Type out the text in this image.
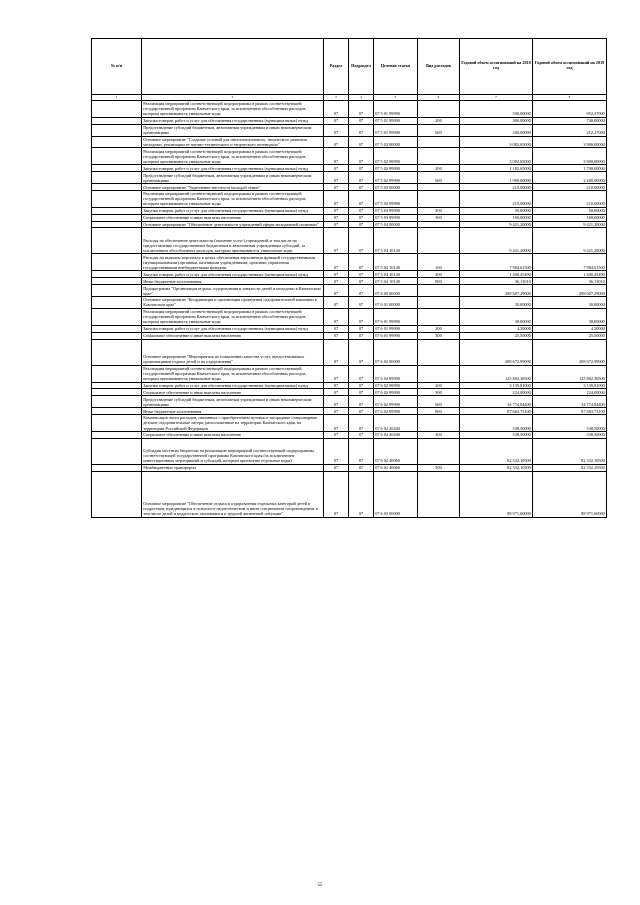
№ п/п		Раздел	Подраздел	Целевая статья	Вид расходов	Годовой объем ассигнований на 2018 год	Годовой объем ассигнований на 2019 год
1	2	3	4	5	6	7	8
	Реализация мероприятий соответствующей подпрограммы в рамках соответствующей государственной программы Камчатского края, за исключением обособленных расходов, которым присваиваются уникальные коды	07	07	07 5 01 99990		500,00000	952,27000
	Закупка товаров, работ и услуг для обеспечения государственных (муниципальных) нужд	07	07	07 5 01 99990	200	300,00000	740,00000
	Предоставление субсидий бюджетным, автономным учреждениям и иным некоммерческим организациям	07	07	07 5 01 99990	600	200,00000	212,27000
	Основное мероприятие "Создание условий для интеллектуального, творческого развития молодежи, реализации ее научно-технического и творческого потенциала"	07	07	07 5 02 00000		3 082,65000	3 900,00000
	Реализация мероприятий соответствующей подпрограммы в рамках соответствующей государственной программы Камчатского края, за исключением обособленных расходов, которым присваиваются уникальные коды	07	07	07 5 02 99990		3 082,65000	3 900,00000
	Закупка товаров, работ и услуг для обеспечения государственных (муниципальных) нужд	07	07	07 5 02 99990	200	1 182,65000	1 700,00000
	Предоставление субсидий бюджетным, автономным учреждениям и иным некоммерческим организациям	07	07	07 5 02 99990	600	1 900,00000	2 200,00000
	Основное мероприятие "Укрепление института молодой семьи"	07	07	07 5 03 00000		210,00000	210,00000
	Реализация мероприятий соответствующей подпрограммы в рамках соответствующей государственной программы Камчатского края, за исключением обособленных расходов, которым присваиваются уникальные коды	07	07	07 5 03 99990		210,00000	210,00000
	Закупка товаров, работ и услуг для обеспечения государственных (муниципальных) нужд	07	07	07 5 03 99990	200	50,00000	50,00000
	Социальное обеспечение и иные выплаты населению	07	07	07 5 03 99990	300	160,00000	160,00000
	Основное мероприятие "Обеспечение деятельности учреждений сферы молодежной политики"	07	07	07 5 04 00000		9 421,20000	9 421,20000
	Расходы на обеспечение деятельности (оказание услуг) учреждений, в том числе на предоставление государственным бюджетным и автономным учреждениям субсидий, за исключением обособленных расходов, которым присваиваются уникальные коды	07	07	07 5 04 10140		9 421,20000	9 421,20000
	Расходы на выплаты персоналу в целях обеспечения выполнения функций государственными (муниципальными) органами, казенными учреждениями, органами управления государственными внебюджетными фондами	07	07	07 5 04 10140	100	7 984,61500	7 984,61500
	Закупка товаров, работ и услуг для обеспечения государственных (муниципальных) нужд	07	07	07 5 04 10140	200	1 400,45490	1 400,45490
	Иные бюджетные ассигнования	07	07	07 5 04 10140	800	36,13010	36,13010
	Подпрограмма "Организация отдыха, оздоровления и занятости детей и молодежи в Камчатском крае"	07	07	07 6 00 00000		298 607,29000	298 607,29000
	Основное мероприятие "Координация и организация проведения оздоровительной кампании в Камчатском крае"	07	07	07 6 01 00000		30,00000	30,00000
	Реализация мероприятий соответствующей подпрограммы в рамках соответствующей государственной программы Камчатского края, за исключением обособленных расходов, которым присваиваются уникальные коды	07	07	07 6 01 99990		30,00000	30,00000
	Закупка товаров, работ и услуг для обеспечения государственных (муниципальных) нужд	07	07	07 6 01 99990	200	4,50000	4,50000
	Социальное обеспечение и иные выплаты населению	07	07	07 6 01 99990	300	25,50000	25,50000
	Основное мероприятие "Мероприятия по повышению качества услуг, предоставляемых организациями отдыха детей и их оздоровления"	07	07	07 6 02 00000		208 672,99000	208 672,99000
	Реализация мероприятий соответствующей подпрограммы в рамках соответствующей государственной программы Камчатского края, за исключением обособленных расходов, которым присваиваются уникальные коды	07	07	07 6 02 99990		125 802,38500	125 802,38500
	Закупка товаров, работ и услуг для обеспечения государственных (муниципальных) нужд	07	07	07 6 02 99990	200	3 139,81000	3 139,81000
	Социальное обеспечение и иные выплаты населению	07	07	07 6 02 99990	300	224,00000	224,00000
	Предоставление субсидий бюджетным, автономным учреждениям и иным некоммерческим организациям	07	07	07 6 02 99990	600	34 774,84400	34 774,84400
	Иные бюджетные ассигнования	07	07	07 6 02 99990	800	87 663,73100	87 663,73100
	Компенсация части расходов, связанных с приобретением путевок в загородные стационарные детские оздоровительные лагеря, расположенные на территории Камчатского края, на территории Российской Федерации	07	07	07 6 02 20440		538,50000	538,50000
	Социальное обеспечение и иные выплаты населению	07	07	07 6 02 20440	300	538,50000	538,50000
	Субсидии местным бюджетам на реализацию мероприятий соответствующей подпрограммы соответствующей государственной программы Камчатского края (за исключением инвестиционных мероприятий и субсидий, которым присвоены отдельные коды)	07	07	07 6 02 40060		82 332,10500	82 332,10500
	Межбюджетные трансферты	07	07	07 6 02 40060	500	82 332,10500	82 332,10500
	Основное мероприятие "Обеспечение отдыха и оздоровления отдельных категорий детей и подростков, нуждающихся в психолого-педагогическом и ином специальном сопровождении, в том числе детей и подростков, оказавшихся в трудной жизненной ситуации"	07	07	07 6 03 00000		88 971,60000	88 971,60000
55
